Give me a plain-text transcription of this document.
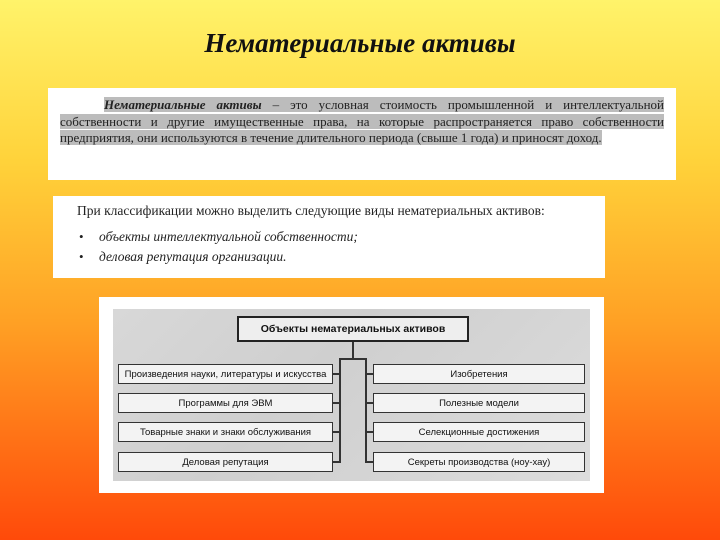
Нематериальные активы
Нематериальные активы – это условная стоимость промышленной и интеллектуальной собственности и другие имущественные права, на которые распространяется право собственности предприятия, они используются в течение длительного периода (свыше 1 года) и приносят доход.

При классификации можно выделить следующие виды нематериальных активов:

• объекты интеллектуальной собственности;
• деловая репутация организации.
Объекты нематериальных активов
Произведения науки, литературы и искусства
Программы для ЭВМ
Товарные знаки и знаки обслуживания
Деловая репутация
Изобретения
Полезные модели
Селекционные достижения
Секреты производства (ноу-хау)
